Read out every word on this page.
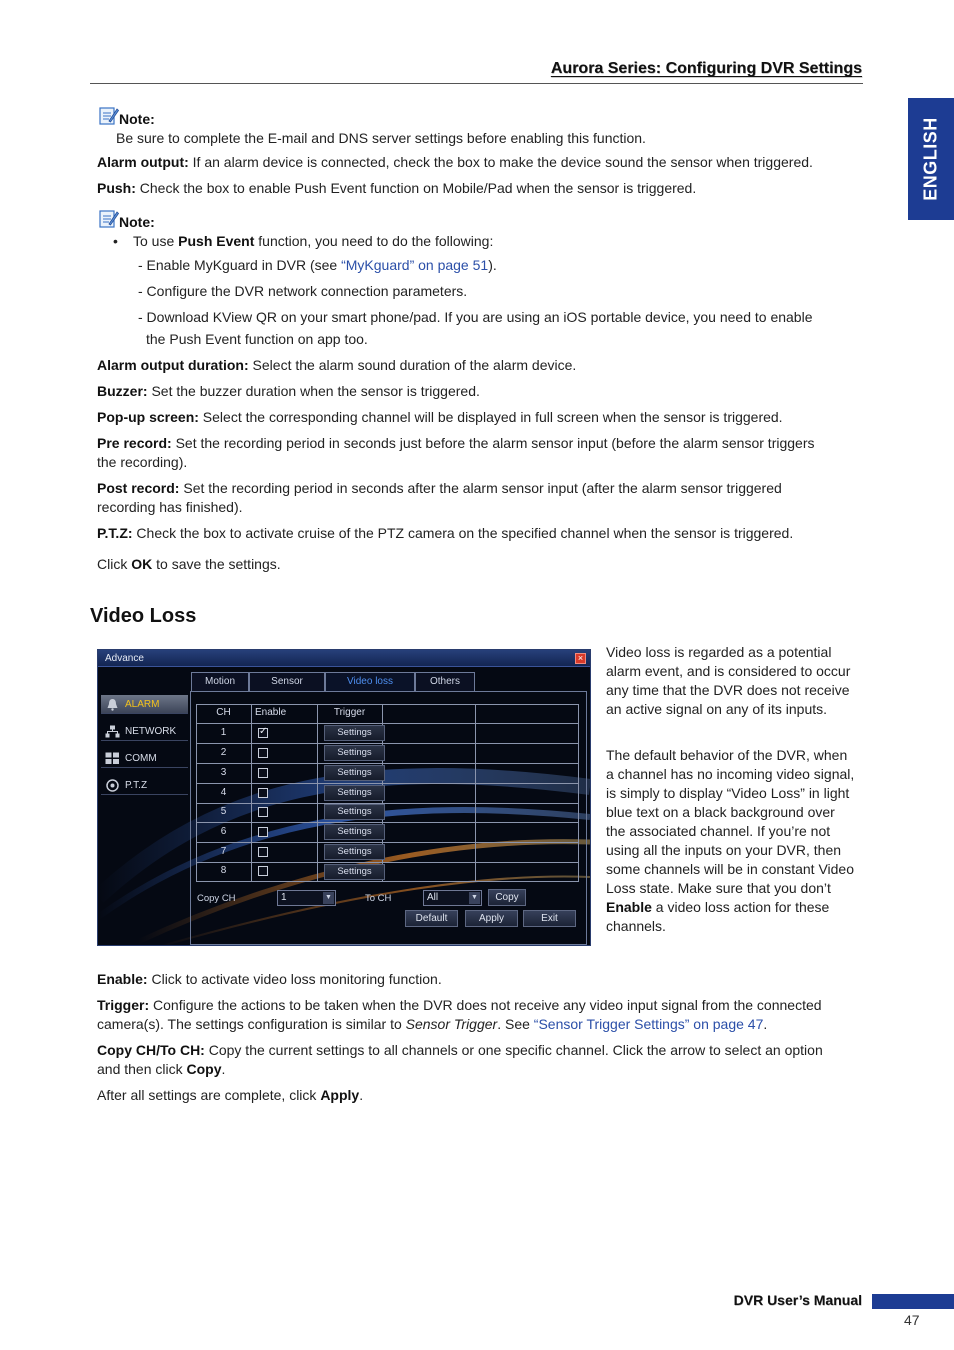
Aurora Series: Configuring DVR Settings
ENGLISH
Note:
Be sure to complete the E-mail and DNS server settings before enabling this function.
Alarm output: If an alarm device is connected, check the box to make the device sound the sensor when triggered.
Push: Check the box to enable Push Event function on Mobile/Pad when the sensor is triggered.
Note:
• To use Push Event function, you need to do the following:
- Enable MyKguard in DVR (see “MyKguard” on page 51).
- Configure the DVR network connection parameters.
- Download KView QR on your smart phone/pad. If you are using an iOS portable device, you need to enable
the Push Event function on app too.
Alarm output duration: Select the alarm sound duration of the alarm device.
Buzzer: Set the buzzer duration when the sensor is triggered.
Pop-up screen: Select the corresponding channel will be displayed in full screen when the sensor is triggered.
Pre record: Set the recording period in seconds just before the alarm sensor input (before the alarm sensor triggers
the recording).
Post record: Set the recording period in seconds after the alarm sensor input (after the alarm sensor triggered
recording has finished).
P.T.Z: Check the box to activate cruise of the PTZ camera on the specified channel when the sensor is triggered.
Click OK to save the settings.
Video Loss
Advance	×
Motion	Sensor	Video loss	Others
ALARM
NETWORK
COMM
P.T.Z
CH	Enable	Trigger
1
✓	Settings
2	Settings
3	Settings
4	Settings
5	Settings
6	Settings
7	Settings
8	Settings
Copy CH	1	▼	To CH	All	▼	Copy
Default	Apply	Exit
Video loss is regarded as a potential alarm event, and is considered to occur any time that the DVR does not receive an active signal on any of its inputs.
The default behavior of the DVR, when a channel has no incoming video signal, is simply to display “Video Loss” in light blue text on a black background over the associated channel. If you’re not using all the inputs on your DVR, then some channels will be in constant Video Loss state. Make sure that you don’t Enable a video loss action for these channels.
Enable: Click to activate video loss monitoring function.
Trigger: Configure the actions to be taken when the DVR does not receive any video input signal from the connected
camera(s). The settings configuration is similar to Sensor Trigger. See “Sensor Trigger Settings” on page 47.
Copy CH/To CH: Copy the current settings to all channels or one specific channel. Click the arrow to select an option
and then click Copy.
After all settings are complete, click Apply.
DVR User’s Manual
47
